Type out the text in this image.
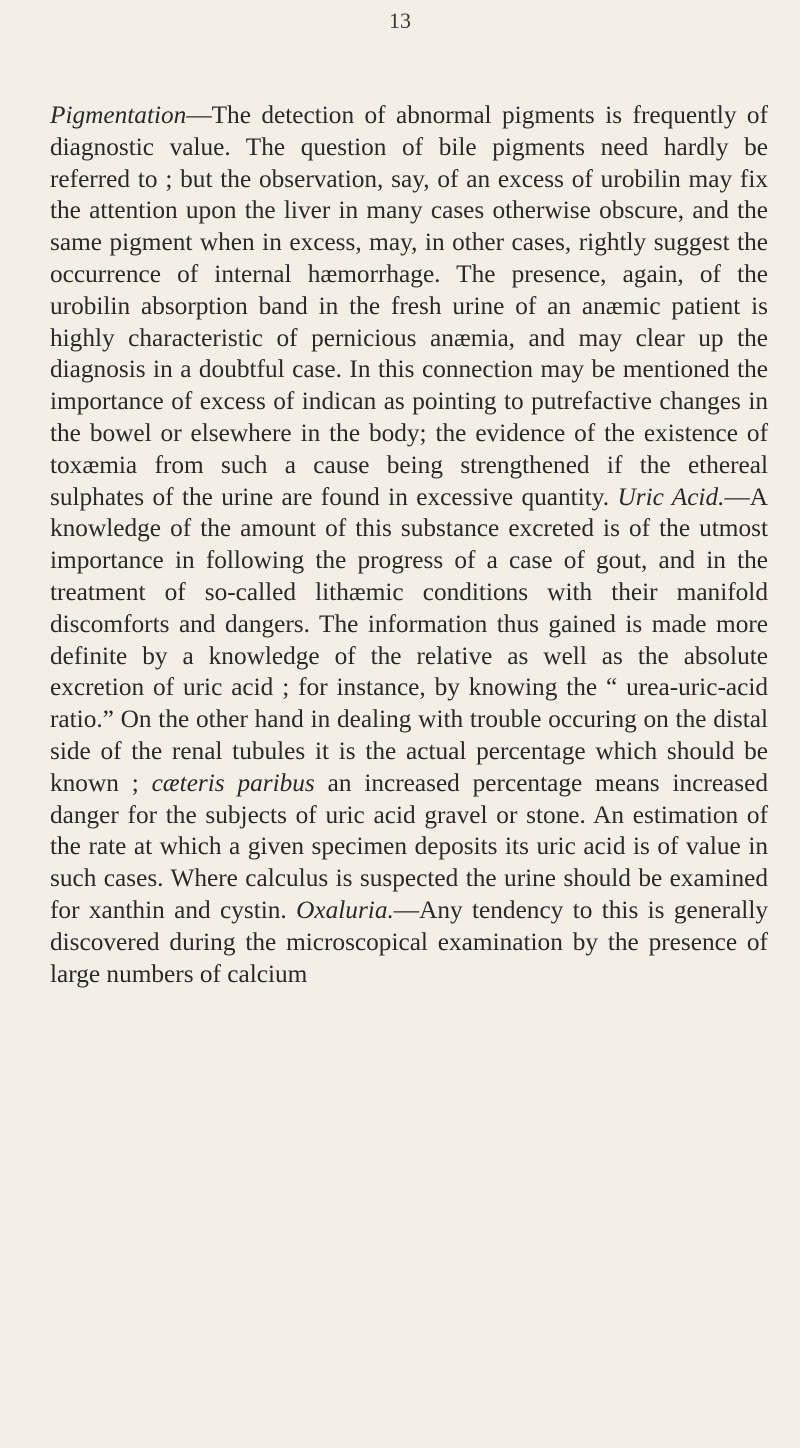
13

Pigmentation—The detection of abnormal pigments is frequently of diagnostic value. The question of bile pigments need hardly be referred to ; but the observation, say, of an excess of urobilin may fix the attention upon the liver in many cases otherwise obscure, and the same pigment when in excess, may, in other cases, rightly suggest the occurrence of internal hæmorrhage. The presence, again, of the urobilin absorption band in the fresh urine of an anæmic patient is highly characteristic of pernicious anæmia, and may clear up the diagnosis in a doubtful case. In this connection may be mentioned the importance of excess of indican as pointing to putrefactive changes in the bowel or elsewhere in the body; the evidence of the existence of toxæmia from such a cause being strengthened if the ethereal sulphates of the urine are found in excessive quantity. Uric Acid.—A knowledge of the amount of this substance excreted is of the utmost importance in following the progress of a case of gout, and in the treatment of so-called lithæmic conditions with their manifold discomforts and dangers. The information thus gained is made more definite by a knowledge of the relative as well as the absolute excretion of uric acid ; for instance, by knowing the “ urea-uric-acid ratio.” On the other hand in dealing with trouble occuring on the distal side of the renal tubules it is the actual percentage which should be known ; cæteris paribus an increased percentage means increased danger for the subjects of uric acid gravel or stone. An estimation of the rate at which a given specimen deposits its uric acid is of value in such cases. Where calculus is suspected the urine should be examined for xanthin and cystin. Oxaluria.—Any tendency to this is generally discovered during the microscopical examination by the presence of large numbers of calcium
